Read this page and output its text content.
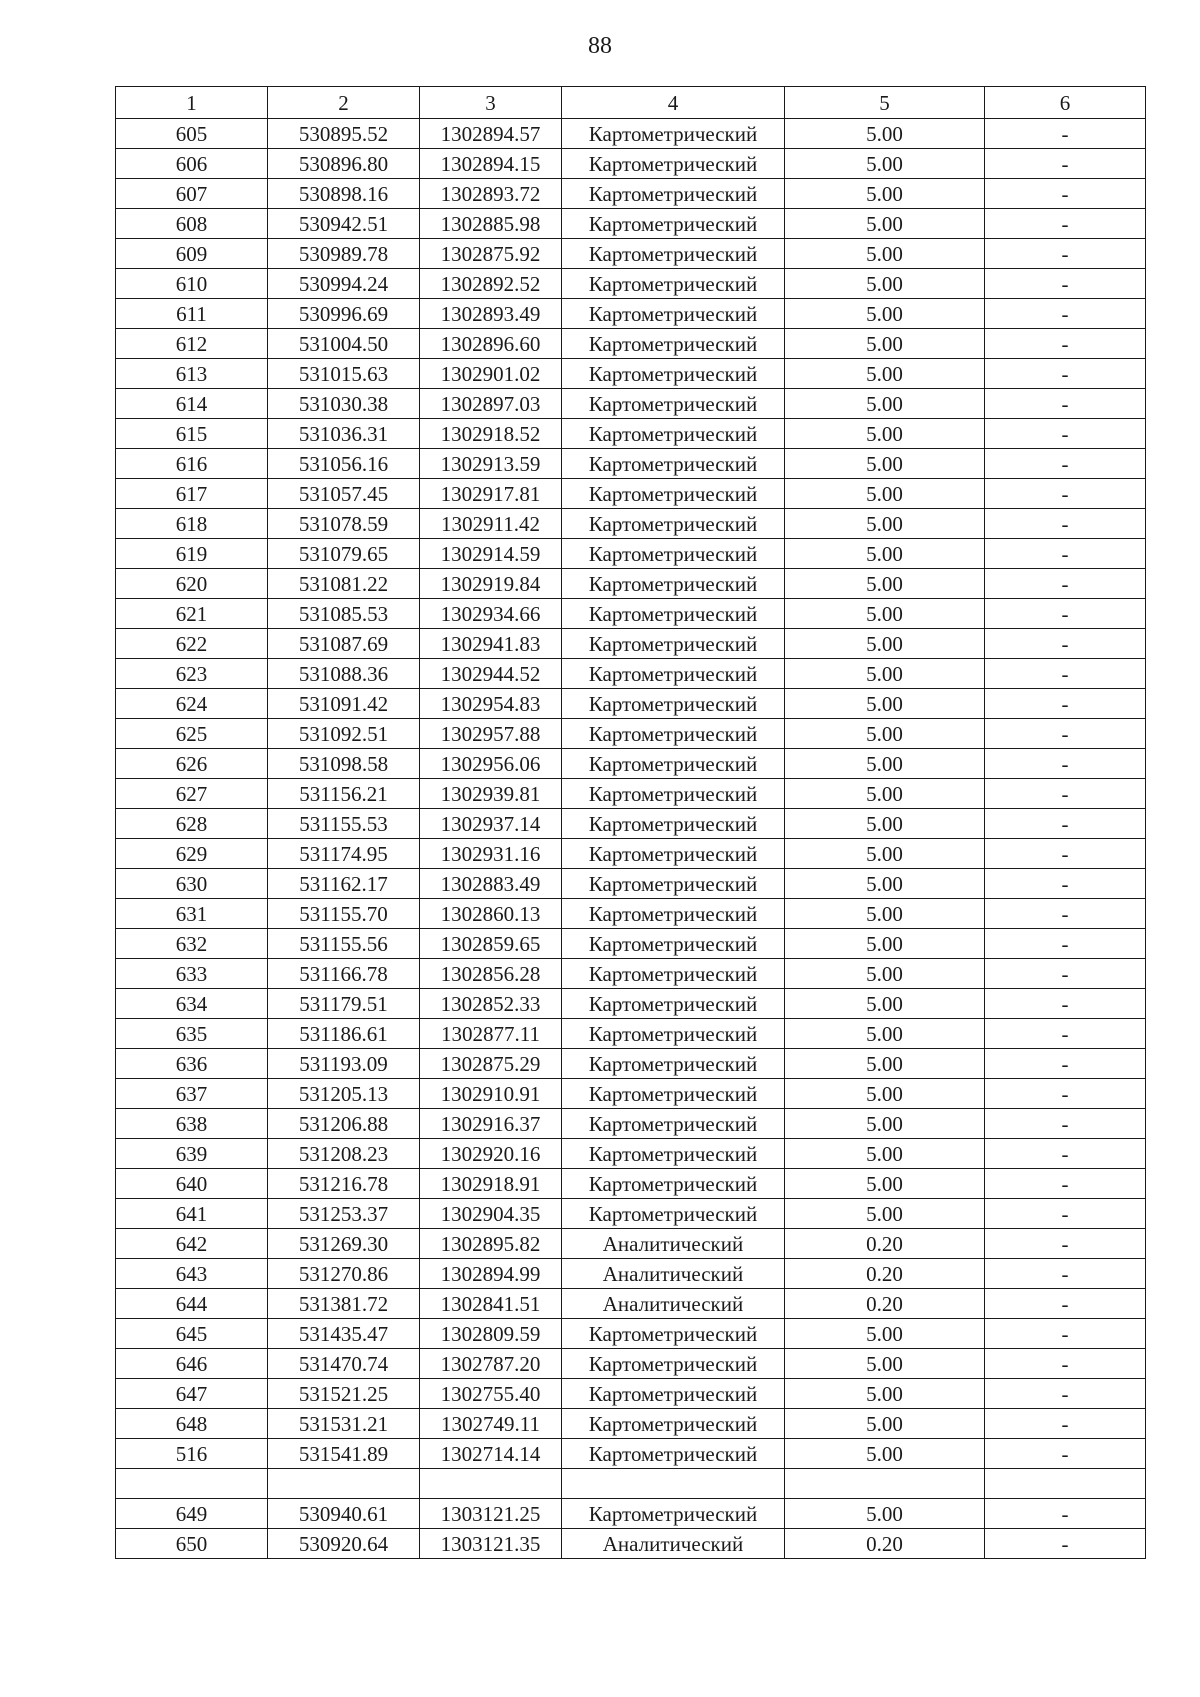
88
1	2	3	4	5	6
605	530895.52	1302894.57	Картометрический	5.00	-
606	530896.80	1302894.15	Картометрический	5.00	-
607	530898.16	1302893.72	Картометрический	5.00	-
608	530942.51	1302885.98	Картометрический	5.00	-
609	530989.78	1302875.92	Картометрический	5.00	-
610	530994.24	1302892.52	Картометрический	5.00	-
611	530996.69	1302893.49	Картометрический	5.00	-
612	531004.50	1302896.60	Картометрический	5.00	-
613	531015.63	1302901.02	Картометрический	5.00	-
614	531030.38	1302897.03	Картометрический	5.00	-
615	531036.31	1302918.52	Картометрический	5.00	-
616	531056.16	1302913.59	Картометрический	5.00	-
617	531057.45	1302917.81	Картометрический	5.00	-
618	531078.59	1302911.42	Картометрический	5.00	-
619	531079.65	1302914.59	Картометрический	5.00	-
620	531081.22	1302919.84	Картометрический	5.00	-
621	531085.53	1302934.66	Картометрический	5.00	-
622	531087.69	1302941.83	Картометрический	5.00	-
623	531088.36	1302944.52	Картометрический	5.00	-
624	531091.42	1302954.83	Картометрический	5.00	-
625	531092.51	1302957.88	Картометрический	5.00	-
626	531098.58	1302956.06	Картометрический	5.00	-
627	531156.21	1302939.81	Картометрический	5.00	-
628	531155.53	1302937.14	Картометрический	5.00	-
629	531174.95	1302931.16	Картометрический	5.00	-
630	531162.17	1302883.49	Картометрический	5.00	-
631	531155.70	1302860.13	Картометрический	5.00	-
632	531155.56	1302859.65	Картометрический	5.00	-
633	531166.78	1302856.28	Картометрический	5.00	-
634	531179.51	1302852.33	Картометрический	5.00	-
635	531186.61	1302877.11	Картометрический	5.00	-
636	531193.09	1302875.29	Картометрический	5.00	-
637	531205.13	1302910.91	Картометрический	5.00	-
638	531206.88	1302916.37	Картометрический	5.00	-
639	531208.23	1302920.16	Картометрический	5.00	-
640	531216.78	1302918.91	Картометрический	5.00	-
641	531253.37	1302904.35	Картометрический	5.00	-
642	531269.30	1302895.82	Аналитический	0.20	-
643	531270.86	1302894.99	Аналитический	0.20	-
644	531381.72	1302841.51	Аналитический	0.20	-
645	531435.47	1302809.59	Картометрический	5.00	-
646	531470.74	1302787.20	Картометрический	5.00	-
647	531521.25	1302755.40	Картометрический	5.00	-
648	531531.21	1302749.11	Картометрический	5.00	-
516	531541.89	1302714.14	Картометрический	5.00	-

649	530940.61	1303121.25	Картометрический	5.00	-
650	530920.64	1303121.35	Аналитический	0.20	-
